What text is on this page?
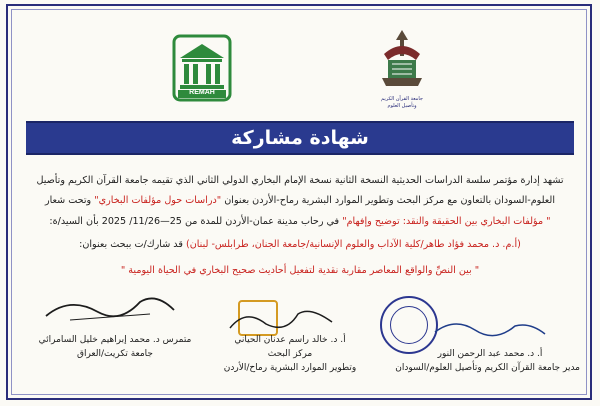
REMAH
جامعة القرآن الكريم
وتأصيل العلوم
شهادة مشاركة
تشهد إدارة مؤتمر سلسة الدراسات الحديثية النسخة الثانية نسخة الإمام البخاري الدولي الثاني الذي تقيمه جامعة القرآن الكريم وتأصيل
العلوم-السودان بالتعاون مع مركز البحث وتطوير الموارد البشرية رماح-الأردن بعنوان "دراسات حول مؤلفات البخاري" وتحت شعار
" مؤلفات البخاري بين الحقيقة والنقد: توضيح وإفهام" في رحاب مدينة عمان-الأردن للمدة من 25—11/26/ 2025 بأن السيد/ة:
(أ.م. د. محمد فؤاد طاهر/كلية الآداب والعلوم الإنسانية/جامعة الجنان، طرابلس- لبنان) قد شارك/ت ببحث بعنوان:
" بين النصِّ والواقع المعاصر مقاربة نقدية لتفعيل أحاديث صحيح البخاري في الحياة اليومية "
أ. د. محمد عبد الرحمن النور
مدير جامعة القرآن الكريم وتأصيل العلوم/السودان
أ. د. خالد راسم عدنان الحياني
مركز البحث
وتطوير الموارد البشرية رماح/الأردن
متمرس د. محمد إبراهيم خليل السامرائي
جامعة تكريت/العراق
